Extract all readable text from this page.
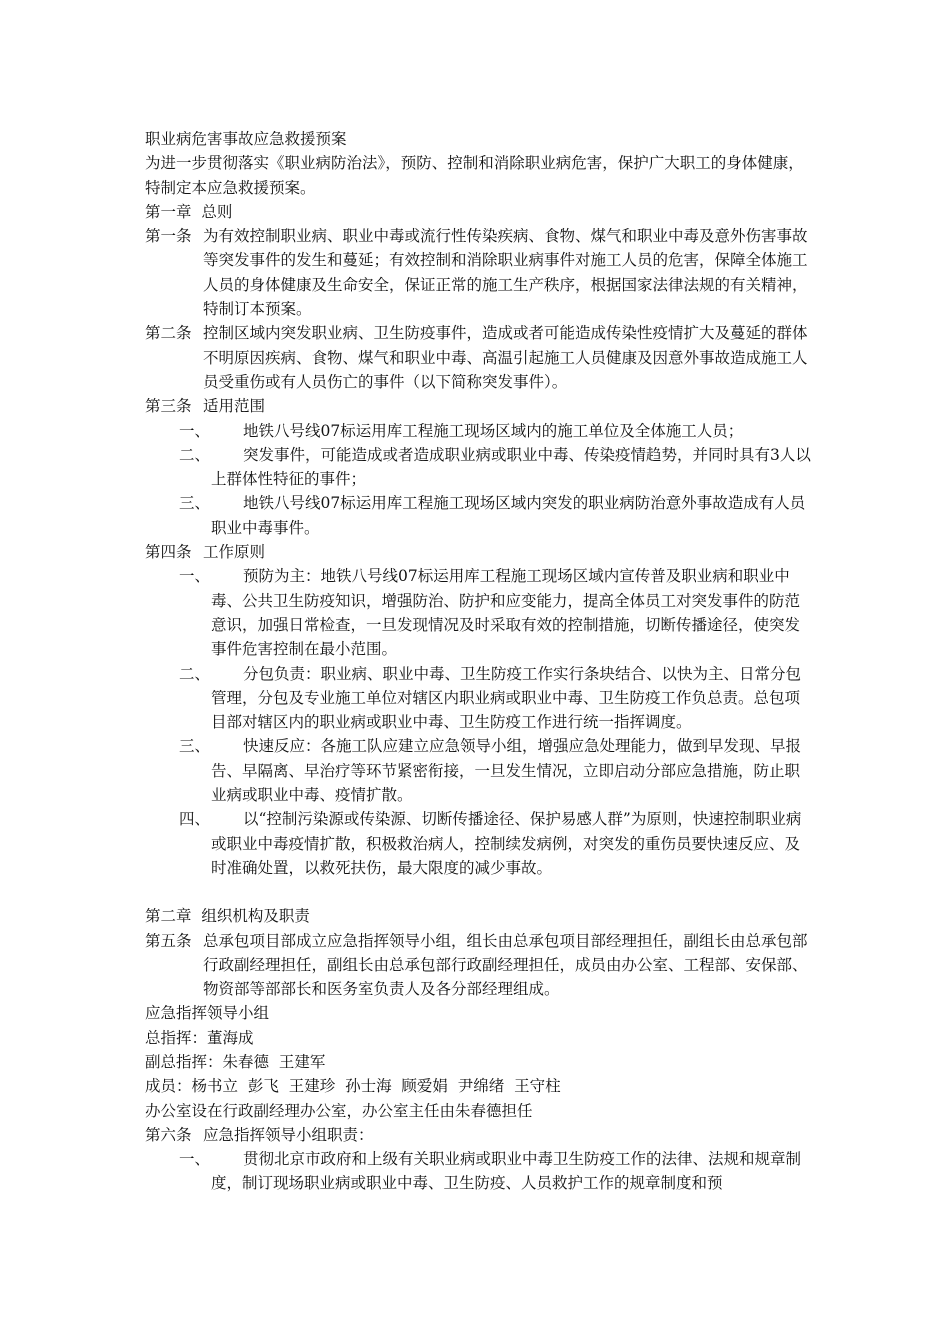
职业病危害事故应急救援预案

为进一步贯彻落实《职业病防治法》，预防、控制和消除职业病危害，保护广大职工的身体健康，特制定本应急救援预案。

第一章  总则

第一条 为有效控制职业病、职业中毒或流行性传染疾病、食物、煤气和职业中毒及意外伤害事故等突发事件的发生和蔓延；有效控制和消除职业病事件对施工人员的危害，保障全体施工人员的身体健康及生命安全，保证正常的施工生产秩序，根据国家法律法规的有关精神，特制订本预案。

第二条 控制区域内突发职业病、卫生防疫事件，造成或者可能造成传染性疫情扩大及蔓延的群体不明原因疾病、食物、煤气和职业中毒、高温引起施工人员健康及因意外事故造成施工人员受重伤或有人员伤亡的事件（以下简称突发事件）。

第三条 适用范围

一、 地铁八号线07标运用库工程施工现场区域内的施工单位及全体施工人员；

二、 突发事件，可能造成或者造成职业病或职业中毒、传染疫情趋势，并同时具有3人以上群体性特征的事件；

三、 地铁八号线07标运用库工程施工现场区域内突发的职业病防治意外事故造成有人员职业中毒事件。

第四条 工作原则

一、 预防为主：地铁八号线07标运用库工程施工现场区域内宣传普及职业病和职业中毒、公共卫生防疫知识，增强防治、防护和应变能力，提高全体员工对突发事件的防范意识，加强日常检查，一旦发现情况及时采取有效的控制措施，切断传播途径，使突发事件危害控制在最小范围。

二、 分包负责：职业病、职业中毒、卫生防疫工作实行条块结合、以快为主、日常分包管理，分包及专业施工单位对辖区内职业病或职业中毒、卫生防疫工作负总责。总包项目部对辖区内的职业病或职业中毒、卫生防疫工作进行统一指挥调度。

三、 快速反应：各施工队应建立应急领导小组，增强应急处理能力，做到早发现、早报告、早隔离、早治疗等环节紧密衔接，一旦发生情况，立即启动分部应急措施，防止职业病或职业中毒、疫情扩散。

四、 以“控制污染源或传染源、切断传播途径、保护易感人群”为原则，快速控制职业病或职业中毒疫情扩散，积极救治病人，控制续发病例，对突发的重伤员要快速反应、及时准确处置，以救死扶伤，最大限度的减少事故。

第二章  组织机构及职责

第五条 总承包项目部成立应急指挥领导小组，组长由总承包项目部经理担任，副组长由总承包部行政副经理担任，副组长由总承包部行政副经理担任，成员由办公室、工程部、安保部、物资部等部部长和医务室负责人及各分部经理组成。

应急指挥领导小组

总指挥：董海成

副总指挥：朱春德  王建军

成员：杨书立  彭飞  王建珍  孙士海  顾爱娟  尹绵绪  王守柱

办公室设在行政副经理办公室，办公室主任由朱春德担任

第六条 应急指挥领导小组职责：

一、 贯彻北京市政府和上级有关职业病或职业中毒卫生防疫工作的法律、法规和规章制度，制订现场职业病或职业中毒、卫生防疫、人员救护工作的规章制度和预
